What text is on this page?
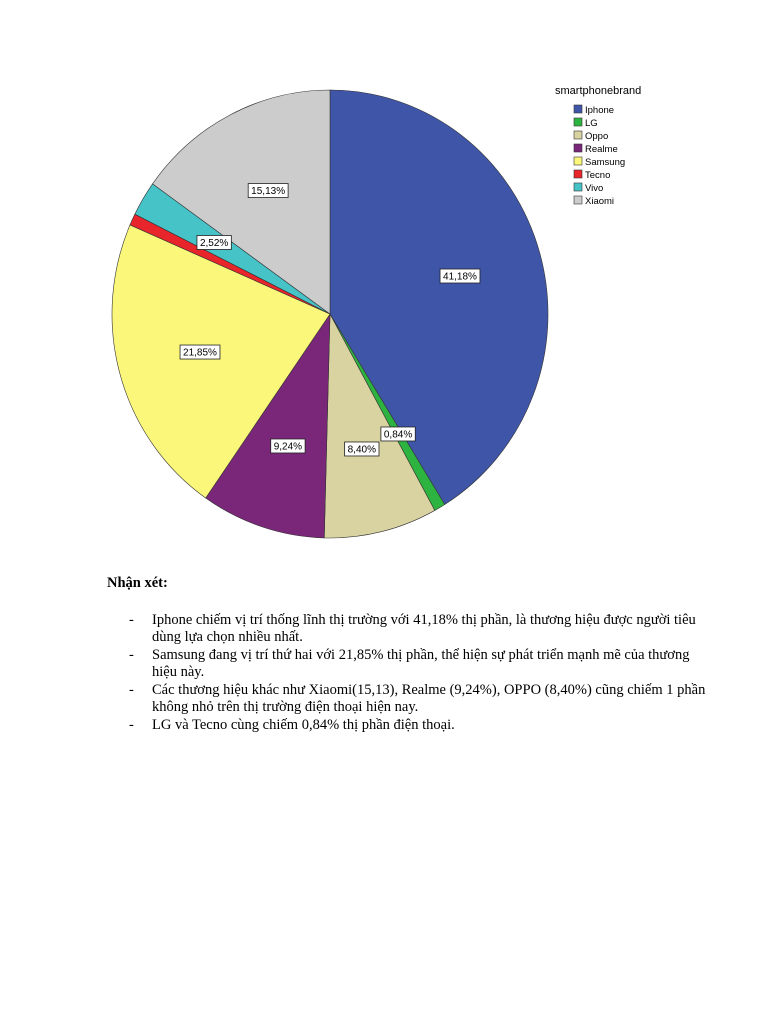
41,18%
0,84%
8,40%
9,24%
21,85%
2,52%
15,13%
smartphonebrand
Iphone
LG
Oppo
Realme
Samsung
Tecno
Vivo
Xiaomi

Nhận xét:

- Iphone chiếm vị trí thống lĩnh thị trường với 41,18% thị phần, là thương hiệu được người tiêu dùng lựa chọn nhiều nhất.
- Samsung đang vị trí thứ hai với 21,85% thị phần, thể hiện sự phát triển mạnh mẽ của thương hiệu này.
- Các thương hiệu khác như Xiaomi(15,13), Realme (9,24%), OPPO (8,40%) cũng chiếm 1 phần không nhỏ trên thị trường điện thoại hiện nay.
- LG và Tecno cùng chiếm 0,84% thị phần điện thoại.
